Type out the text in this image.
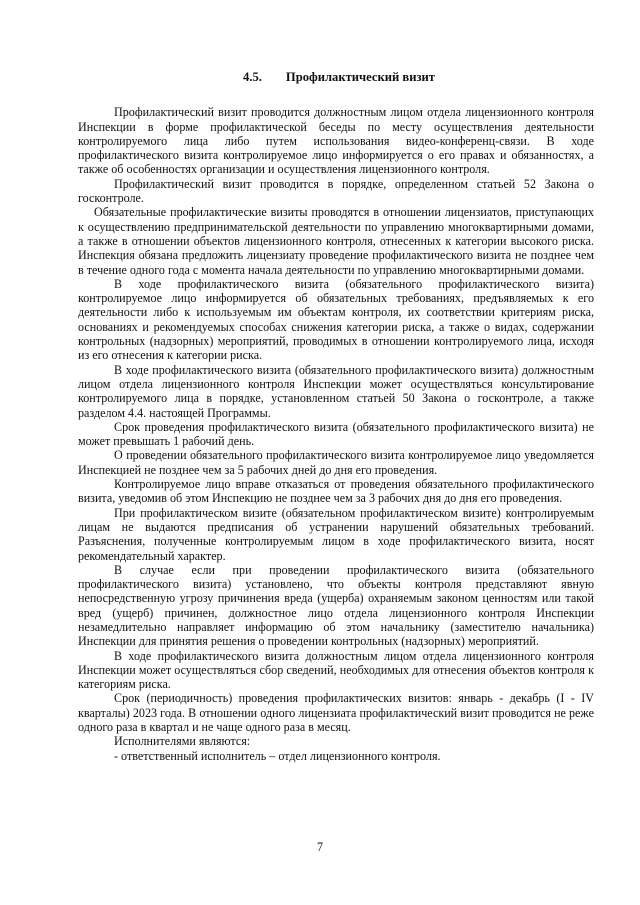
4.5. Профилактический визит

Профилактический визит проводится должностным лицом отдела лицензионного контроля Инспекции в форме профилактической беседы по месту осуществления деятельности контролируемого лица либо путем использования видео-конференц-связи. В ходе профилактического визита контролируемое лицо информируется о его правах и обязанностях, а также об особенностях организации и осуществления лицензионного контроля.

Профилактический визит проводится в порядке, определенном статьей 52 Закона о госконтроле.

Обязательные профилактические визиты проводятся в отношении лицензиатов, приступающих к осуществлению предпринимательской деятельности по управлению многоквартирными домами, а также в отношении объектов лицензионного контроля, отнесенных к категории высокого риска. Инспекция обязана предложить лицензиату проведение профилактического визита не позднее чем в течение одного года с момента начала деятельности по управлению многоквартирными домами.

В ходе профилактического визита (обязательного профилактического визита) контролируемое лицо информируется об обязательных требованиях, предъявляемых к его деятельности либо к используемым им объектам контроля, их соответствии критериям риска, основаниях и рекомендуемых способах снижения категории риска, а также о видах, содержании контрольных (надзорных) мероприятий, проводимых в отношении контролируемого лица, исходя из его отнесения к категории риска.

В ходе профилактического визита (обязательного профилактического визита) должностным лицом отдела лицензионного контроля Инспекции может осуществляться консультирование контролируемого лица в порядке, установленном статьей 50 Закона о госконтроле, а также разделом 4.4. настоящей Программы.

Срок проведения профилактического визита (обязательного профилактического визита) не может превышать 1 рабочий день.

О проведении обязательного профилактического визита контролируемое лицо уведомляется Инспекцией не позднее чем за 5 рабочих дней до дня его проведения.

Контролируемое лицо вправе отказаться от проведения обязательного профилактического визита, уведомив об этом Инспекцию не позднее чем за 3 рабочих дня до дня его проведения.

При профилактическом визите (обязательном профилактическом визите) контролируемым лицам не выдаются предписания об устранении нарушений обязательных требований. Разъяснения, полученные контролируемым лицом в ходе профилактического визита, носят рекомендательный характер.

В случае если при проведении профилактического визита (обязательного профилактического визита) установлено, что объекты контроля представляют явную непосредственную угрозу причинения вреда (ущерба) охраняемым законом ценностям или такой вред (ущерб) причинен, должностное лицо отдела лицензионного контроля Инспекции незамедлительно направляет информацию об этом начальнику (заместителю начальника) Инспекции для принятия решения о проведении контрольных (надзорных) мероприятий.

В ходе профилактического визита должностным лицом отдела лицензионного контроля Инспекции может осуществляться сбор сведений, необходимых для отнесения объектов контроля к категориям риска.

Срок (периодичность) проведения профилактических визитов: январь - декабрь (I - IV кварталы) 2023 года. В отношении одного лицензиата профилактический визит проводится не реже одного раза в квартал и не чаще одного раза в месяц.

Исполнителями являются:

- ответственный исполнитель – отдел лицензионного контроля.

7
